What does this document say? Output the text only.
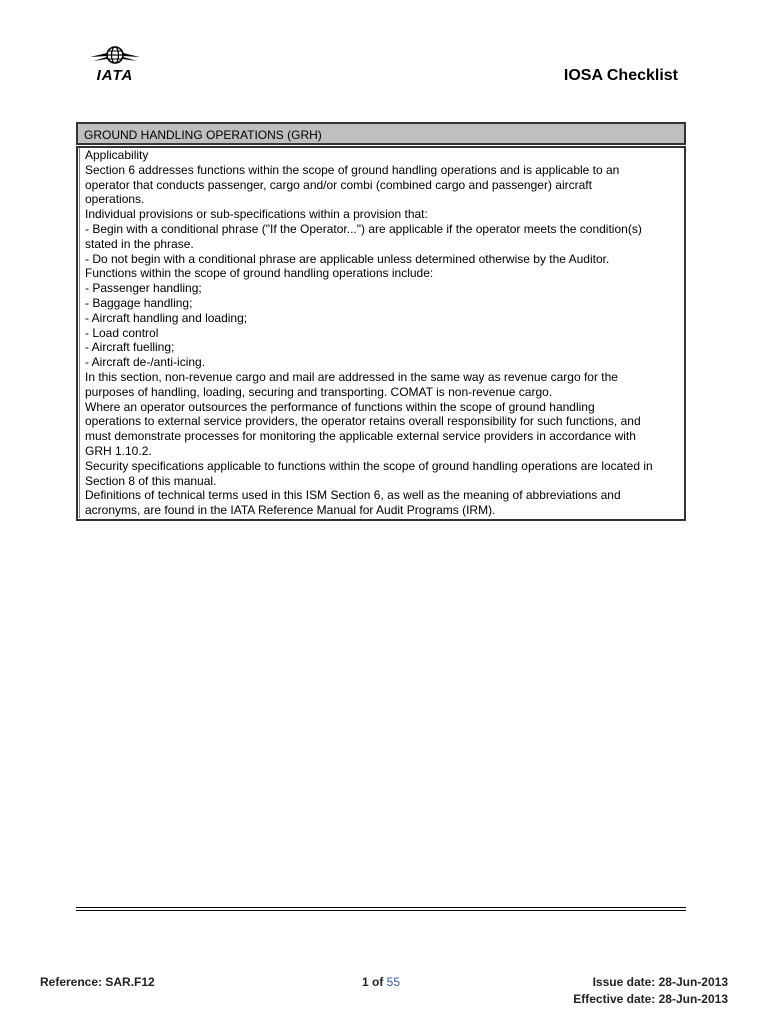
IATA	IOSA Checklist
GROUND HANDLING OPERATIONS (GRH)
Applicability
Section 6 addresses functions within the scope of ground handling operations and is applicable to an
operator that conducts passenger, cargo and/or combi (combined cargo and passenger) aircraft
operations.
Individual provisions or sub-specifications within a provision that:
- Begin with a conditional phrase ("If the Operator...") are applicable if the operator meets the condition(s)
stated in the phrase.
- Do not begin with a conditional phrase are applicable unless determined otherwise by the Auditor.
Functions within the scope of ground handling operations include:
- Passenger handling;
- Baggage handling;
- Aircraft handling and loading;
- Load control
- Aircraft fuelling;
- Aircraft de-/anti-icing.
In this section, non-revenue cargo and mail are addressed in the same way as revenue cargo for the
purposes of handling, loading, securing and transporting. COMAT is non-revenue cargo.
Where an operator outsources the performance of functions within the scope of ground handling
operations to external service providers, the operator retains overall responsibility for such functions, and
must demonstrate processes for monitoring the applicable external service providers in accordance with
GRH 1.10.2.
Security specifications applicable to functions within the scope of ground handling operations are located in
Section 8 of this manual.
Definitions of technical terms used in this ISM Section 6, as well as the meaning of abbreviations and
acronyms, are found in the IATA Reference Manual for Audit Programs (IRM).
Reference: SAR.F12	1 of 55	Issue date: 28-Jun-2013
Effective date: 28-Jun-2013
